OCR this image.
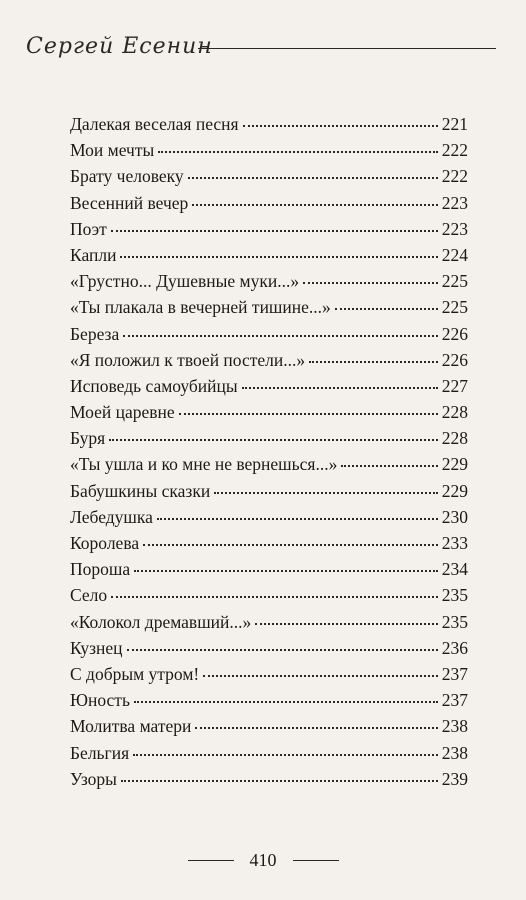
Сергей Есенин
Далекая веселая песня	221
Мои мечты	222
Брату человеку	222
Весенний вечер	223
Поэт	223
Капли	224
«Грустно... Душевные муки...»	225
«Ты плакала в вечерней тишине...»	225
Береза	226
«Я положил к твоей постели...»	226
Исповедь самоубийцы	227
Моей царевне	228
Буря	228
«Ты ушла и ко мне не вернешься...»	229
Бабушкины сказки	229
Лебедушка	230
Королева	233
Пороша	234
Село	235
«Колокол дремавший...»	235
Кузнец	236
С добрым утром!	237
Юность	237
Молитва матери	238
Бельгия	238
Узоры	239
410
